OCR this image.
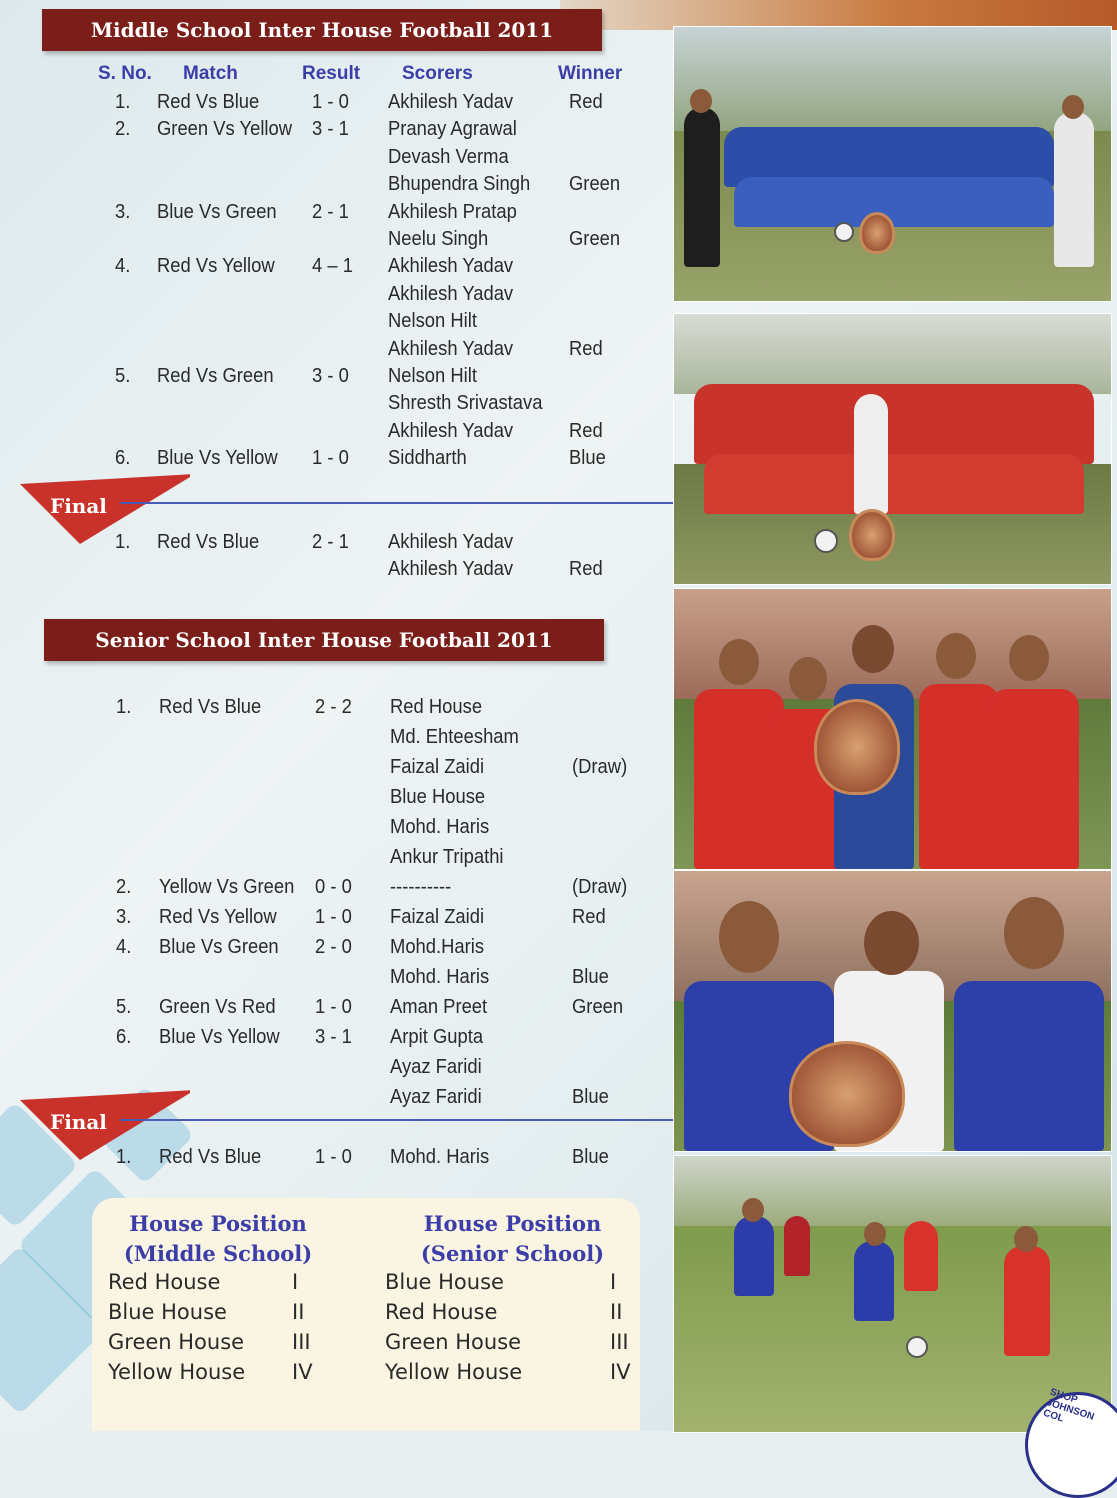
Middle School Inter House Football 2011
S. No. Match	Result Scorers	Winner
1. Red Vs Blue	1 - 0 Akhilesh Yadav	Red
2. Green Vs Yellow 3 - 1 Pranay Agrawal
Devash Verma
Bhupendra Singh Green
3. Blue Vs Green 2 - 1 Akhilesh Pratap
Neelu Singh	Green
4. Red Vs Yellow 4 – 1 Akhilesh Yadav
Akhilesh Yadav
Nelson Hilt
Akhilesh Yadav	Red
5. Red Vs Green 3 - 0 Nelson Hilt
Shresth Srivastava
Akhilesh Yadav	Red
6. Blue Vs Yellow 1 - 0 Siddharth	Blue
Final
1. Red Vs Blue	2 - 1 Akhilesh Yadav
Akhilesh Yadav	Red
Senior School Inter House Football 2011
1. Red Vs Blue	2 - 2 Red House
Md. Ehteesham
Faizal Zaidi
Blue House
Mohd. Haris
Ankur Tripathi
(Draw)
2. Yellow Vs Green 0 - 0 ----------	(Draw)
3. Red Vs Yellow 1 - 0 Faizal Zaidi	Red
4. Blue Vs Green 2 - 0 Mohd.Haris
Mohd. Haris	Blue
5. Green Vs Red 1 - 0 Aman Preet	Green
6. Blue Vs Yellow 3 - 1 Arpit Gupta
Ayaz Faridi
Ayaz Faridi	Blue
Final
1. Red Vs Blue	1 - 0 Mohd. Haris	Blue
House Position
(Middle School)
House Position
(Senior School)
Red House	I
Blue House	II
Green House III
Yellow House IV
Blue House	I
Red House	II
Green House	III
Yellow House	IV
SHOP JOHNSON COL
